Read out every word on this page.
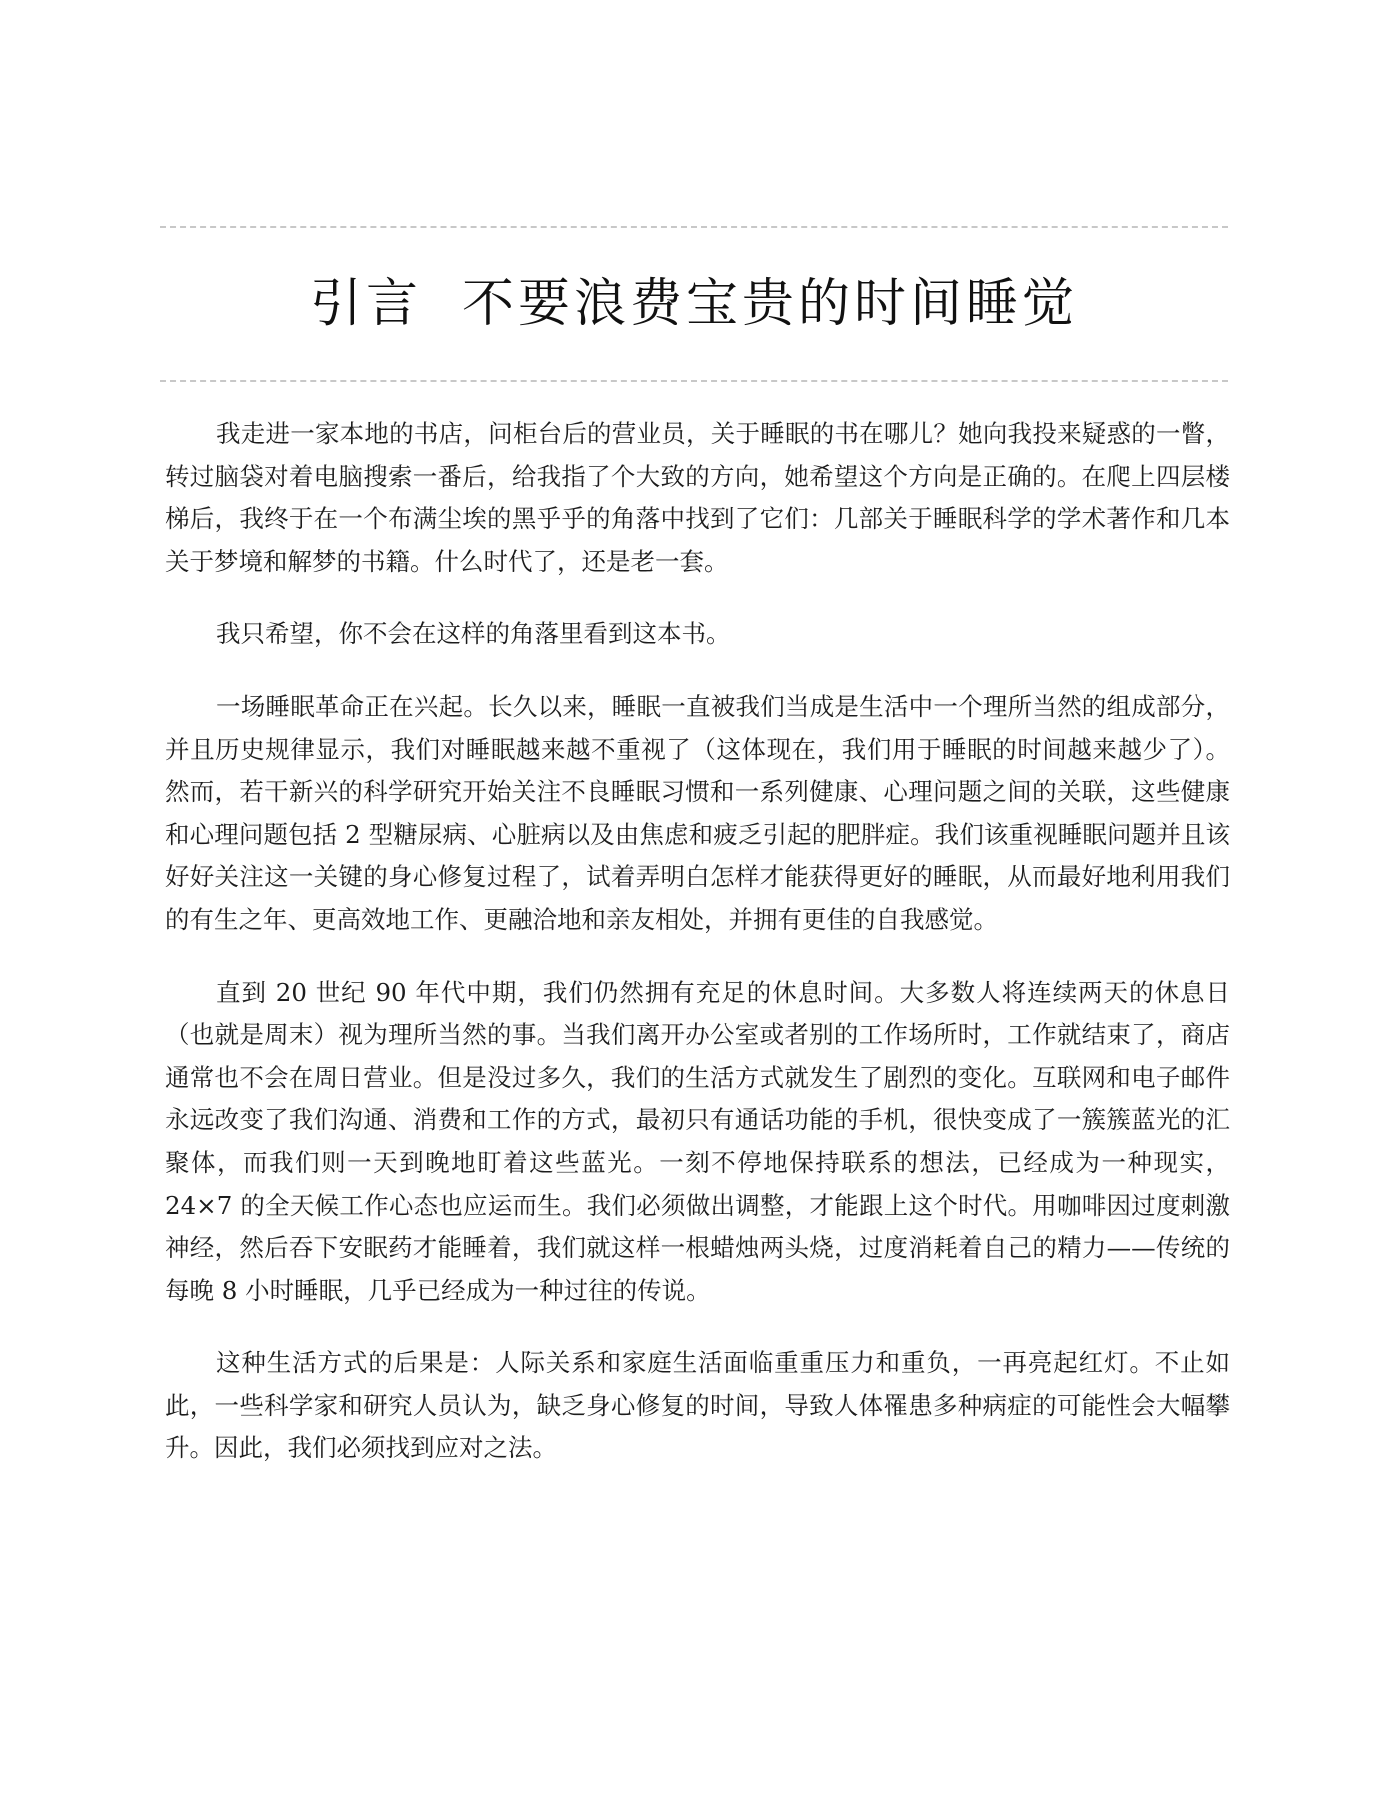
引言 不要浪费宝贵的时间睡觉

我走进一家本地的书店，问柜台后的营业员，关于睡眠的书在哪儿？她向我投来疑惑的一瞥，转过脑袋对着电脑搜索一番后，给我指了个大致的方向，她希望这个方向是正确的。在爬上四层楼梯后，我终于在一个布满尘埃的黑乎乎的角落中找到了它们：几部关于睡眠科学的学术著作和几本关于梦境和解梦的书籍。什么时代了，还是老一套。

我只希望，你不会在这样的角落里看到这本书。

一场睡眠革命正在兴起。长久以来，睡眠一直被我们当成是生活中一个理所当然的组成部分，并且历史规律显示，我们对睡眠越来越不重视了（这体现在，我们用于睡眠的时间越来越少了）。然而，若干新兴的科学研究开始关注不良睡眠习惯和一系列健康、心理问题之间的关联，这些健康和心理问题包括 2 型糖尿病、心脏病以及由焦虑和疲乏引起的肥胖症。我们该重视睡眠问题并且该好好关注这一关键的身心修复过程了，试着弄明白怎样才能获得更好的睡眠，从而最好地利用我们的有生之年、更高效地工作、更融洽地和亲友相处，并拥有更佳的自我感觉。

直到 20 世纪 90 年代中期，我们仍然拥有充足的休息时间。大多数人将连续两天的休息日（也就是周末）视为理所当然的事。当我们离开办公室或者别的工作场所时，工作就结束了，商店通常也不会在周日营业。但是没过多久，我们的生活方式就发生了剧烈的变化。互联网和电子邮件永远改变了我们沟通、消费和工作的方式，最初只有通话功能的手机，很快变成了一簇簇蓝光的汇聚体，而我们则一天到晚地盯着这些蓝光。一刻不停地保持联系的想法，已经成为一种现实，24×7 的全天候工作心态也应运而生。我们必须做出调整，才能跟上这个时代。用咖啡因过度刺激神经，然后吞下安眠药才能睡着，我们就这样一根蜡烛两头烧，过度消耗着自己的精力——传统的每晚 8 小时睡眠，几乎已经成为一种过往的传说。

这种生活方式的后果是：人际关系和家庭生活面临重重压力和重负，一再亮起红灯。不止如此，一些科学家和研究人员认为，缺乏身心修复的时间，导致人体罹患多种病症的可能性会大幅攀升。因此，我们必须找到应对之法。
